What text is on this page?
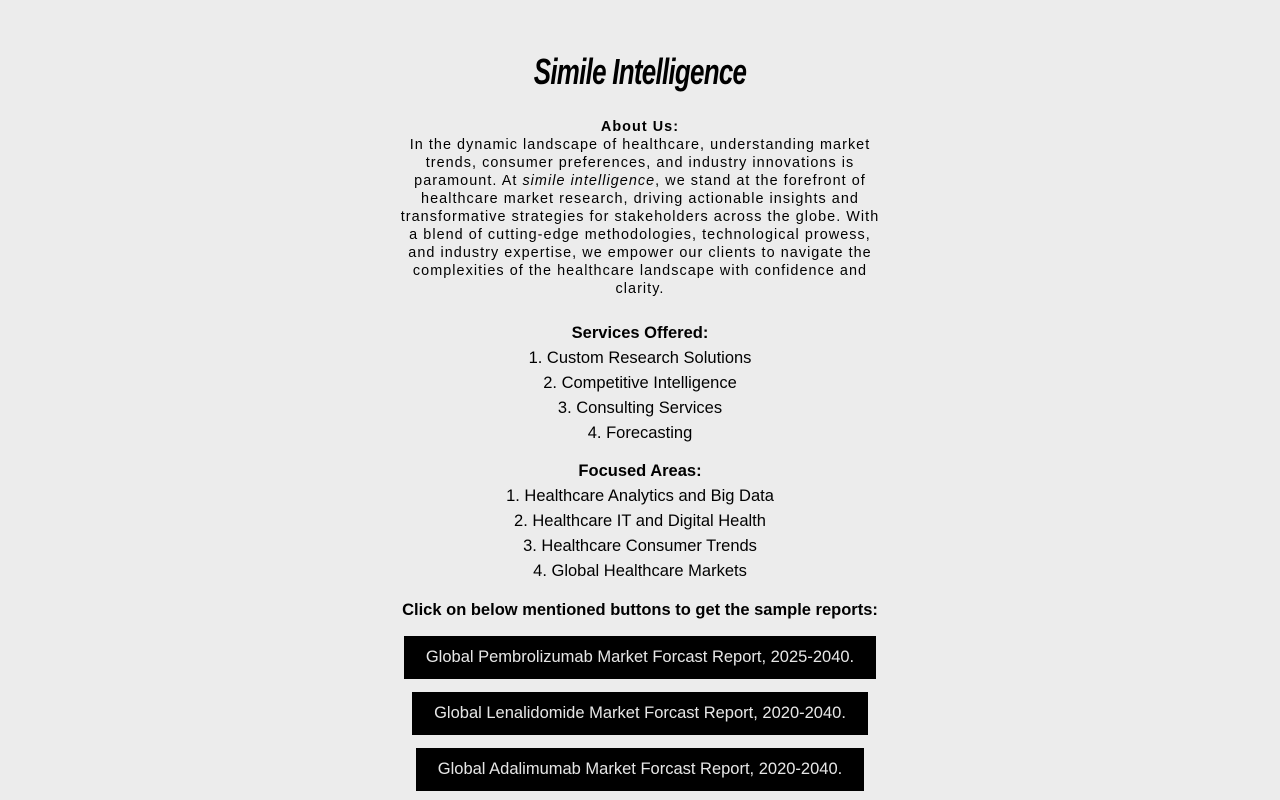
Simile Intelligence
About Us:
In the dynamic landscape of healthcare, understanding market trends, consumer preferences, and industry innovations is paramount. At simile intelligence, we stand at the forefront of healthcare market research, driving actionable insights and transformative strategies for stakeholders across the globe. With a blend of cutting-edge methodologies, technological prowess, and industry expertise, we empower our clients to navigate the complexities of the healthcare landscape with confidence and clarity.
Services Offered:
1. Custom Research Solutions
2. Competitive Intelligence
3. Consulting Services
4. Forecasting
Focused Areas:
1. Healthcare Analytics and Big Data
2. Healthcare IT and Digital Health
3. Healthcare Consumer Trends
4. Global Healthcare Markets
Click on below mentioned buttons to get the sample reports:
Global Pembrolizumab Market Forcast Report, 2025-2040.
Global Lenalidomide Market Forcast Report, 2020-2040.
Global Adalimumab Market Forcast Report, 2020-2040.
